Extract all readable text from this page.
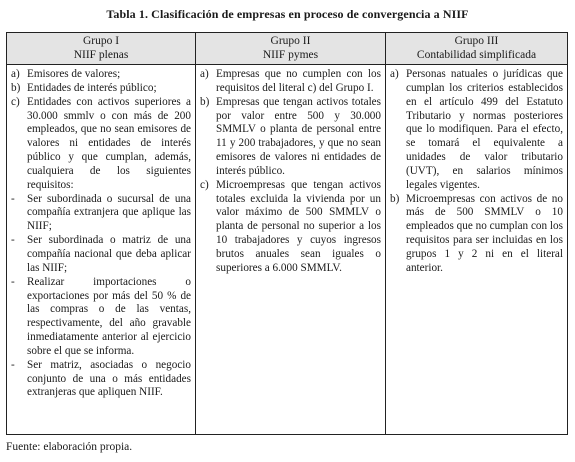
Tabla 1. Clasificación de empresas en proceso de convergencia a NIIF
Grupo I
NIIF plenas
Grupo II
NIIF pymes
Grupo III
Contabilidad simplificada
a) Emisores de valores;
b) Entidades de interés público;
c) Entidades con activos superiores a 30.000 smmlv o con más de 200 empleados, que no sean emisores de valores ni entidades de interés público y que cumplan, además, cualquiera de los siguientes requisitos:
- Ser subordinada o sucursal de una compañía extranjera que aplique las NIIF;
- Ser subordinada o matriz de una compañía nacional que deba aplicar las NIIF;
- Realizar importaciones o exportaciones por más del 50 % de las compras o de las ventas, respectivamente, del año gravable inmediatamente anterior al ejercicio sobre el que se informa.
- Ser matriz, asociadas o negocio conjunto de una o más entidades extranjeras que apliquen NIIF.
a) Empresas que no cumplen con los requisitos del literal c) del Grupo I.
b) Empresas que tengan activos totales por valor entre 500 y 30.000 SMMLV o planta de personal entre 11 y 200 trabajadores, y que no sean emisores de valores ni entidades de interés público.
c) Microempresas que tengan activos totales excluida la vivienda por un valor máximo de 500 SMMLV o planta de personal no superior a los 10 trabajadores y cuyos ingresos brutos anuales sean iguales o superiores a 6.000 SMMLV.
a) Personas natuales o jurídicas que cumplan los criterios establecidos en el artículo 499 del Estatuto Tributario y normas posteriores que lo modifiquen. Para el efecto, se tomará el equivalente a unidades de valor tributario (UVT), en salarios mínimos legales vigentes.
b) Microempresas con activos de no más de 500 SMMLV o 10 empleados que no cumplan con los requisitos para ser incluidas en los grupos 1 y 2 ni en el literal anterior.
Fuente: elaboración propia.
